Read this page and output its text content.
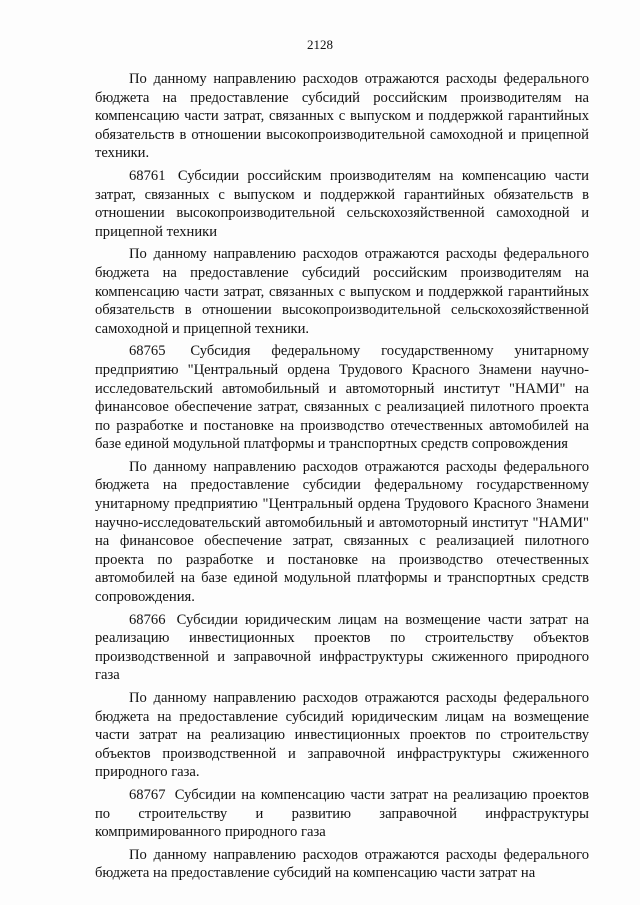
2128

По данному направлению расходов отражаются расходы федерального бюджета на предоставление субсидий российским производителям на компенсацию части затрат, связанных с выпуском и поддержкой гарантийных обязательств в отношении высокопроизводительной самоходной и прицепной техники.

68761 Субсидии российским производителям на компенсацию части затрат, связанных с выпуском и поддержкой гарантийных обязательств в отношении высокопроизводительной сельскохозяйственной самоходной и прицепной техники

По данному направлению расходов отражаются расходы федерального бюджета на предоставление субсидий российским производителям на компенсацию части затрат, связанных с выпуском и поддержкой гарантийных обязательств в отношении высокопроизводительной сельскохозяйственной самоходной и прицепной техники.

68765 Субсидия федеральному государственному унитарному предприятию "Центральный ордена Трудового Красного Знамени научно-исследовательский автомобильный и автомоторный институт "НАМИ" на финансовое обеспечение затрат, связанных с реализацией пилотного проекта по разработке и постановке на производство отечественных автомобилей на базе единой модульной платформы и транспортных средств сопровождения

По данному направлению расходов отражаются расходы федерального бюджета на предоставление субсидии федеральному государственному унитарному предприятию "Центральный ордена Трудового Красного Знамени научно-исследовательский автомобильный и автомоторный институт "НАМИ" на финансовое обеспечение затрат, связанных с реализацией пилотного проекта по разработке и постановке на производство отечественных автомобилей на базе единой модульной платформы и транспортных средств сопровождения.

68766 Субсидии юридическим лицам на возмещение части затрат на реализацию инвестиционных проектов по строительству объектов производственной и заправочной инфраструктуры сжиженного природного газа

По данному направлению расходов отражаются расходы федерального бюджета на предоставление субсидий юридическим лицам на возмещение части затрат на реализацию инвестиционных проектов по строительству объектов производственной и заправочной инфраструктуры сжиженного природного газа.

68767 Субсидии на компенсацию части затрат на реализацию проектов по строительству и развитию заправочной инфраструктуры компримированного природного газа

По данному направлению расходов отражаются расходы федерального бюджета на предоставление субсидий на компенсацию части затрат на
